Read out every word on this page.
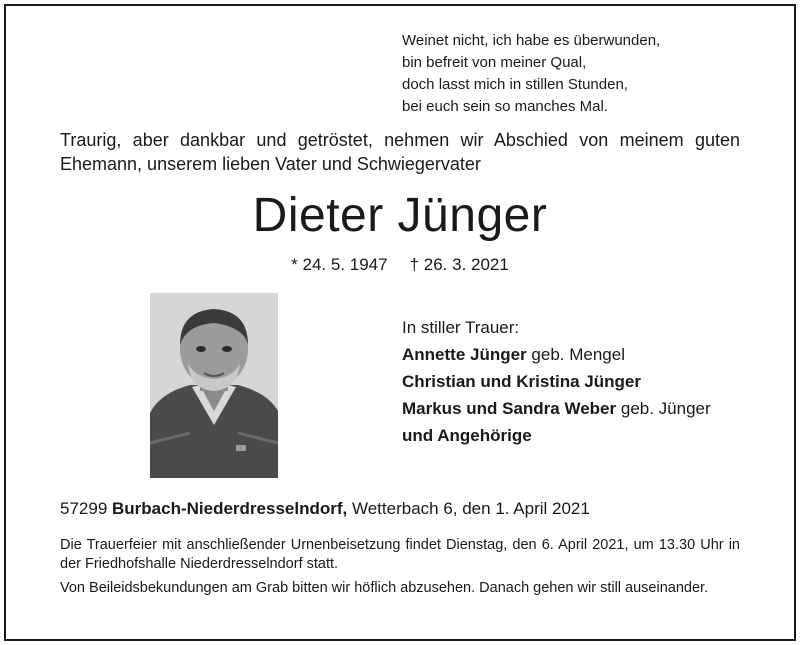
Weinet nicht, ich habe es überwunden,
bin befreit von meiner Qual,
doch lasst mich in stillen Stunden,
bei euch sein so manches Mal.
Traurig, aber dankbar und getröstet, nehmen wir Abschied von meinem guten Ehemann, unserem lieben Vater und Schwiegervater
Dieter Jünger
* 24. 5. 1947 † 26. 3. 2021
In stiller Trauer:
Annette Jünger geb. Mengel
Christian und Kristina Jünger
Markus und Sandra Weber geb. Jünger
und Angehörige
57299 Burbach-Niederdresselndorf, Wetterbach 6, den 1. April 2021
Die Trauerfeier mit anschließender Urnenbeisetzung findet Dienstag, den 6. April 2021, um 13.30 Uhr in der Friedhofshalle Niederdresselndorf statt.
Von Beileidsbekundungen am Grab bitten wir höflich abzusehen. Danach gehen wir still auseinander.
